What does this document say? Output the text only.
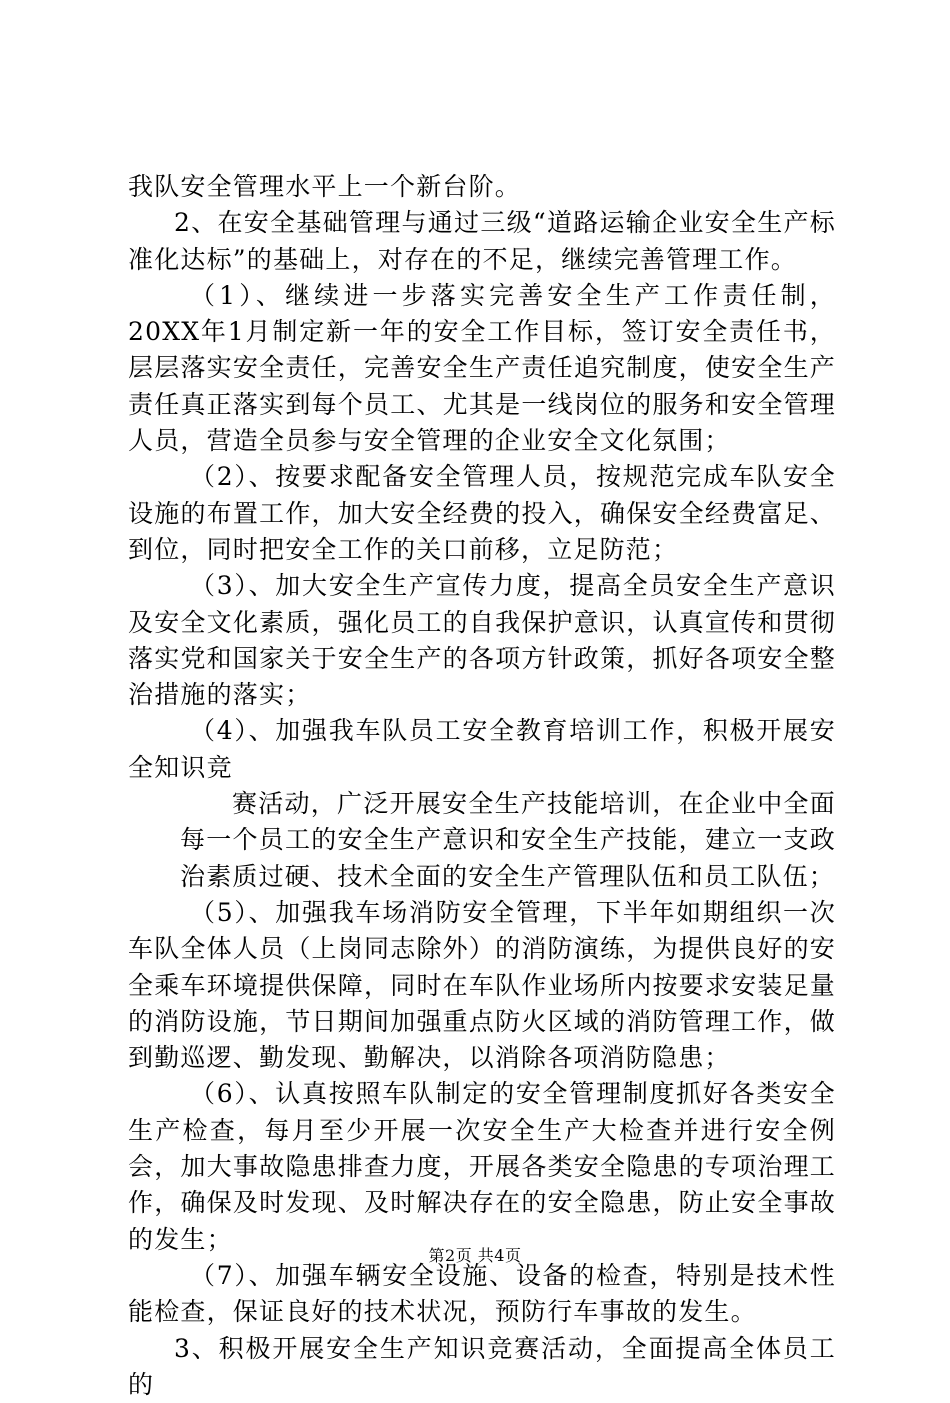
我队安全管理水平上一个新台阶。

2、在安全基础管理与通过三级“道路运输企业安全生产标准化达标”的基础上，对存在的不足，继续完善管理工作。

（1）、继续进一步落实完善安全生产工作责任制，20XX年1月制定新一年的安全工作目标，签订安全责任书，层层落实安全责任，完善安全生产责任追究制度，使安全生产责任真正落实到每个员工、尤其是一线岗位的服务和安全管理人员，营造全员参与安全管理的企业安全文化氛围；

（2）、按要求配备安全管理人员，按规范完成车队安全设施的布置工作，加大安全经费的投入，确保安全经费富足、到位，同时把安全工作的关口前移，立足防范；

（3）、加大安全生产宣传力度，提高全员安全生产意识及安全文化素质，强化员工的自我保护意识，认真宣传和贯彻落实党和国家关于安全生产的各项方针政策，抓好各项安全整治措施的落实；

（4）、加强我车队员工安全教育培训工作，积极开展安全知识竞

赛活动，广泛开展安全生产技能培训，在企业中全面每一个员工的安全生产意识和安全生产技能，建立一支政治素质过硬、技术全面的安全生产管理队伍和员工队伍；

（5）、加强我车场消防安全管理，下半年如期组织一次车队全体人员（上岗同志除外）的消防演练，为提供良好的安全乘车环境提供保障，同时在车队作业场所内按要求安装足量的消防设施，节日期间加强重点防火区域的消防管理工作，做到勤巡逻、勤发现、勤解决，以消除各项消防隐患；

（6）、认真按照车队制定的安全管理制度抓好各类安全生产检查，每月至少开展一次安全生产大检查并进行安全例会，加大事故隐患排查力度，开展各类安全隐患的专项治理工作，确保及时发现、及时解决存在的安全隐患，防止安全事故的发生；

（7）、加强车辆安全设施、设备的检查，特别是技术性能检查，保证良好的技术状况，预防行车事故的发生。

3、积极开展安全生产知识竞赛活动，全面提高全体员工的

第2页 共4页
